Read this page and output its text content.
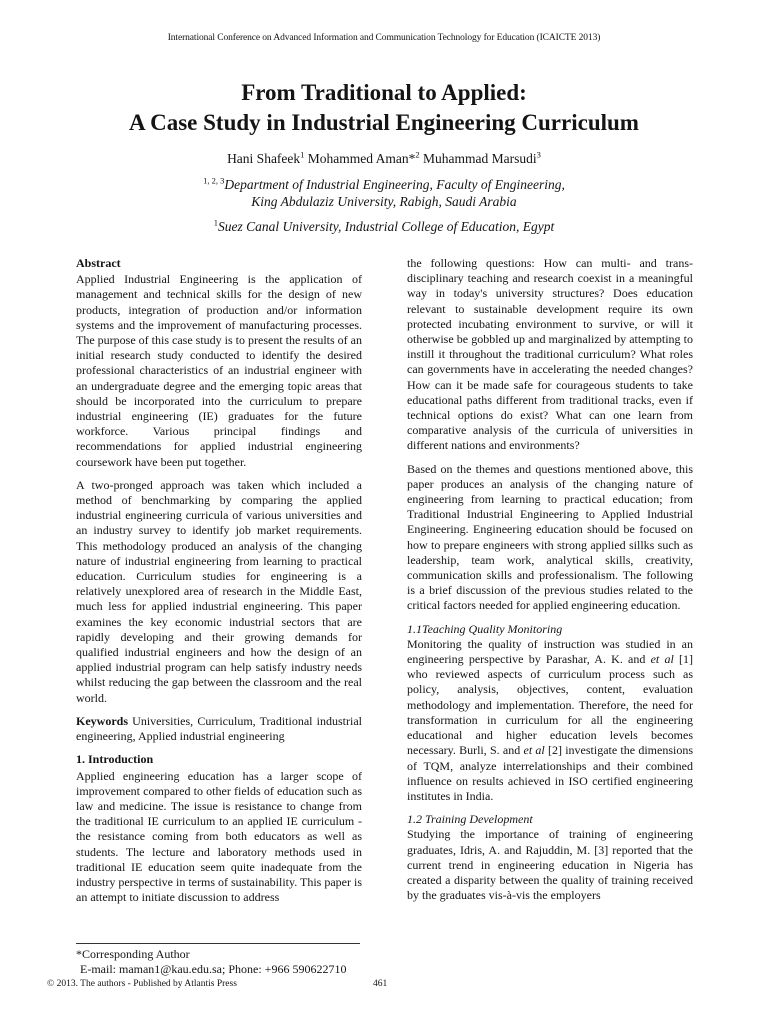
International Conference on Advanced Information and Communication Technology for Education (ICAICTE 2013)
From Traditional to Applied:
A Case Study in Industrial Engineering Curriculum
Hani Shafeek$^1$ Mohammed Aman*$^2$ Muhammad Marsudi$^3$
$^{1, 2, 3}$Department of Industrial Engineering, Faculty of Engineering,
King Abdulaziz University, Rabigh, Saudi Arabia
$^1$Suez Canal University, Industrial College of Education, Egypt
Abstract

Applied Industrial Engineering is the application of management and technical skills for the design of new products, integration of production and/or information systems and the improvement of manufacturing processes. The purpose of this case study is to present the results of an initial research study conducted to identify the desired professional characteristics of an industrial engineer with an undergraduate degree and the emerging topic areas that should be incorporated into the curriculum to prepare industrial engineering (IE) graduates for the future workforce. Various principal findings and recommendations for applied industrial engineering coursework have been put together.

A two-pronged approach was taken which included a method of benchmarking by comparing the applied industrial engineering curricula of various universities and an industry survey to identify job market requirements. This methodology produced an analysis of the changing nature of industrial engineering from learning to practical education. Curriculum studies for engineering is a relatively unexplored area of research in the Middle East, much less for applied industrial engineering. This paper examines the key economic industrial sectors that are rapidly developing and their growing demands for qualified industrial engineers and how the design of an applied industrial program can help satisfy industry needs whilst reducing the gap between the classroom and the real world.

Keywords Universities, Curriculum, Traditional industrial engineering, Applied industrial engineering

1. Introduction

Applied engineering education has a larger scope of improvement compared to other fields of education such as law and medicine. The issue is resistance to change from the traditional IE curriculum to an applied IE curriculum - the resistance coming from both educators as well as students. The lecture and laboratory methods used in traditional IE education seem quite inadequate from the industry perspective in terms of sustainability. This paper is an attempt to initiate discussion to address

the following questions: How can multi- and trans-disciplinary teaching and research coexist in a meaningful way in today's university structures? Does education relevant to sustainable development require its own protected incubating environment to survive, or will it otherwise be gobbled up and marginalized by attempting to instill it throughout the traditional curriculum? What roles can governments have in accelerating the needed changes? How can it be made safe for courageous students to take educational paths different from traditional tracks, even if technical options do exist? What can one learn from comparative analysis of the curricula of universities in different nations and environments?

Based on the themes and questions mentioned above, this paper produces an analysis of the changing nature of engineering from learning to practical education; from Traditional Industrial Engineering to Applied Industrial Engineering. Engineering education should be focused on how to prepare engineers with strong applied sillks such as leadership, team work, analytical skills, creativity, communication skills and professionalism. The following is a brief discussion of the previous studies related to the critical factors needed for applied engineering education.

1.1Teaching Quality Monitoring

Monitoring the quality of instruction was studied in an engineering perspective by Parashar, A. K. and et al [1] who reviewed aspects of curriculum process such as policy, analysis, objectives, content, evaluation methodology and implementation. Therefore, the need for transformation in curriculum for all the engineering educational and higher education levels becomes necessary. Burli, S. and et al [2] investigate the dimensions of TQM, analyze interrelationships and their combined influence on results achieved in ISO certified engineering institutes in India.

1.2 Training Development

Studying the importance of training of engineering graduates, Idris, A. and Rajuddin, M. [3] reported that the current trend in engineering education in Nigeria has created a disparity between the quality of training received by the graduates vis-à-vis the employers

*Corresponding Author
E-mail: maman1@kau.edu.sa; Phone: +966 590622710
© 2013. The authors - Published by Atlantis Press	461
